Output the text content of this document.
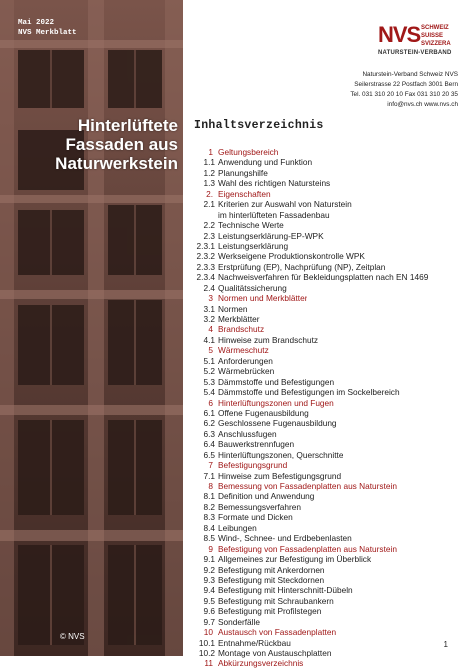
Mai 2022
NVS Merkblatt
Hinterlüftete
Fassaden aus
Naturwerkstein
© NVS
NVS SCHWEIZ
SUISSE
SVIZZERA
NATURSTEIN-VERBAND
Naturstein-Verband Schweiz NVS
Seilerstrasse 22 Postfach 3001 Bern
Tel. 031 310 20 10 Fax 031 310 20 35
info@nvs.ch www.nvs.ch
Inhaltsverzeichnis
1 Geltungsbereich
1.1 Anwendung und Funktion
1.2 Planungshilfe
1.3 Wahl des richtigen Natursteins
2. Eigenschaften
2.1 Kriterien zur Auswahl von Naturstein
im hinterlüfteten Fassadenbau
2.2 Technische Werte
2.3 Leistungserklärung-EP-WPK
2.3.1 Leistungserklärung
2.3.2 Werkseigene Produktionskontrolle WPK
2.3.3 Erstprüfung (EP), Nachprüfung (NP), Zeitplan
2.3.4 Nachweisverfahren für Bekleidungsplatten nach EN 1469
2.4 Qualitätssicherung
3 Normen und Merkblätter
3.1 Normen
3.2 Merkblätter
4 Brandschutz
4.1 Hinweise zum Brandschutz
5 Wärmeschutz
5.1 Anforderungen
5.2 Wärmebrücken
5.3 Dämmstoffe und Befestigungen
5.4 Dämmstoffe und Befestigungen im Sockelbereich
6 Hinterlüftungszonen und Fugen
6.1 Offene Fugenausbildung
6.2 Geschlossene Fugenausbildung
6.3 Anschlussfugen
6.4 Bauwerkstrennfugen
6.5 Hinterlüftungszonen, Querschnitte
7 Befestigungsgrund
7.1 Hinweise zum Befestigungsgrund
8 Bemessung von Fassadenplatten aus Naturstein
8.1 Definition und Anwendung
8.2 Bemessungsverfahren
8.3 Formate und Dicken
8.4 Leibungen
8.5 Wind-, Schnee- und Erdbebenlasten
9 Befestigung von Fassadenplatten aus Naturstein
9.1 Allgemeines zur Befestigung im Überblick
9.2 Befestigung mit Ankerdornen
9.3 Befestigung mit Steckdornen
9.4 Befestigung mit Hinterschnitt-Dübeln
9.5 Befestigung mit Schraubankern
9.6 Befestigung mit Profilstegen
9.7 Sonderfälle
10 Austausch von Fassadenplatten
10.1 Entnahme/Rückbau
10.2 Montage von Austauschplatten
11 Abkürzungsverzeichnis
1
